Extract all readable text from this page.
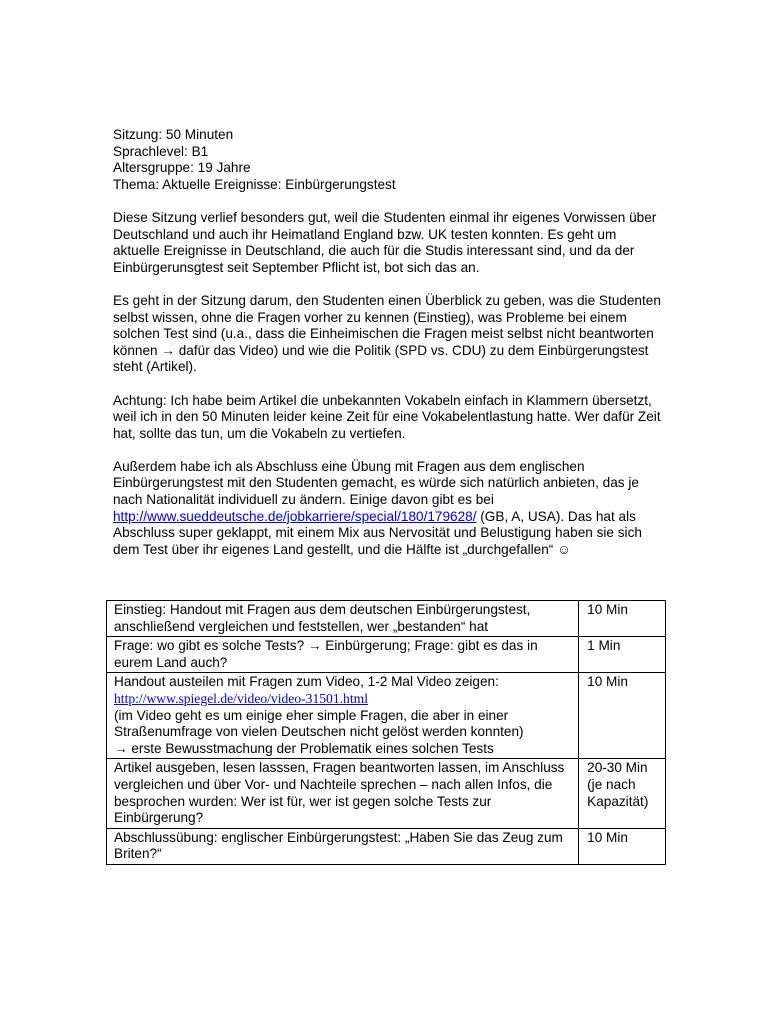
Sitzung: 50 Minuten
Sprachlevel: B1
Altersgruppe: 19 Jahre
Thema: Aktuelle Ereignisse: Einbürgerungstest

Diese Sitzung verlief besonders gut, weil die Studenten einmal ihr eigenes Vorwissen über Deutschland und auch ihr Heimatland England bzw. UK testen konnten. Es geht um aktuelle Ereignisse in Deutschland, die auch für die Studis interessant sind, und da der Einbürgerunsgtest seit September Pflicht ist, bot sich das an.

Es geht in der Sitzung darum, den Studenten einen Überblick zu geben, was die Studenten selbst wissen, ohne die Fragen vorher zu kennen (Einstieg), was Probleme bei einem solchen Test sind (u.a., dass die Einheimischen die Fragen meist selbst nicht beantworten können → dafür das Video) und wie die Politik (SPD vs. CDU) zu dem Einbürgerungstest steht (Artikel).

Achtung: Ich habe beim Artikel die unbekannten Vokabeln einfach in Klammern übersetzt, weil ich in den 50 Minuten leider keine Zeit für eine Vokabelentlastung hatte. Wer dafür Zeit hat, sollte das tun, um die Vokabeln zu vertiefen.

Außerdem habe ich als Abschluss eine Übung mit Fragen aus dem englischen Einbürgerungstest mit den Studenten gemacht, es würde sich natürlich anbieten, das je nach Nationalität individuell zu ändern. Einige davon gibt es bei http://www.sueddeutsche.de/jobkarriere/special/180/179628/ (GB, A, USA). Das hat als Abschluss super geklappt, mit einem Mix aus Nervosität und Belustigung haben sie sich dem Test über ihr eigenes Land gestellt, und die Hälfte ist „durchgefallen“ ☺

Einstieg: Handout mit Fragen aus dem deutschen Einbürgerungstest, anschließend vergleichen und feststellen, wer „bestanden“ hat	10 Min
Frage: wo gibt es solche Tests? → Einbürgerung; Frage: gibt es das in eurem Land auch?	1 Min

Handout austeilen mit Fragen zum Video, 1-2 Mal Video zeigen:
http://www.spiegel.de/video/video-31501.html
(im Video geht es um einige eher simple Fragen, die aber in einer Straßenumfrage von vielen Deutschen nicht gelöst werden konnten)
→ erste Bewusstmachung der Problematik eines solchen Tests	10 Min
Artikel ausgeben, lesen lasssen, Fragen beantworten lassen, im Anschluss vergleichen und über Vor- und Nachteile sprechen – nach allen Infos, die besprochen wurden: Wer ist für, wer ist gegen solche Tests zur Einbürgerung?	20-30 Min (je nach Kapazität)
Abschlussübung: englischer Einbürgerungstest: „Haben Sie das Zeug zum Briten?“	10 Min
